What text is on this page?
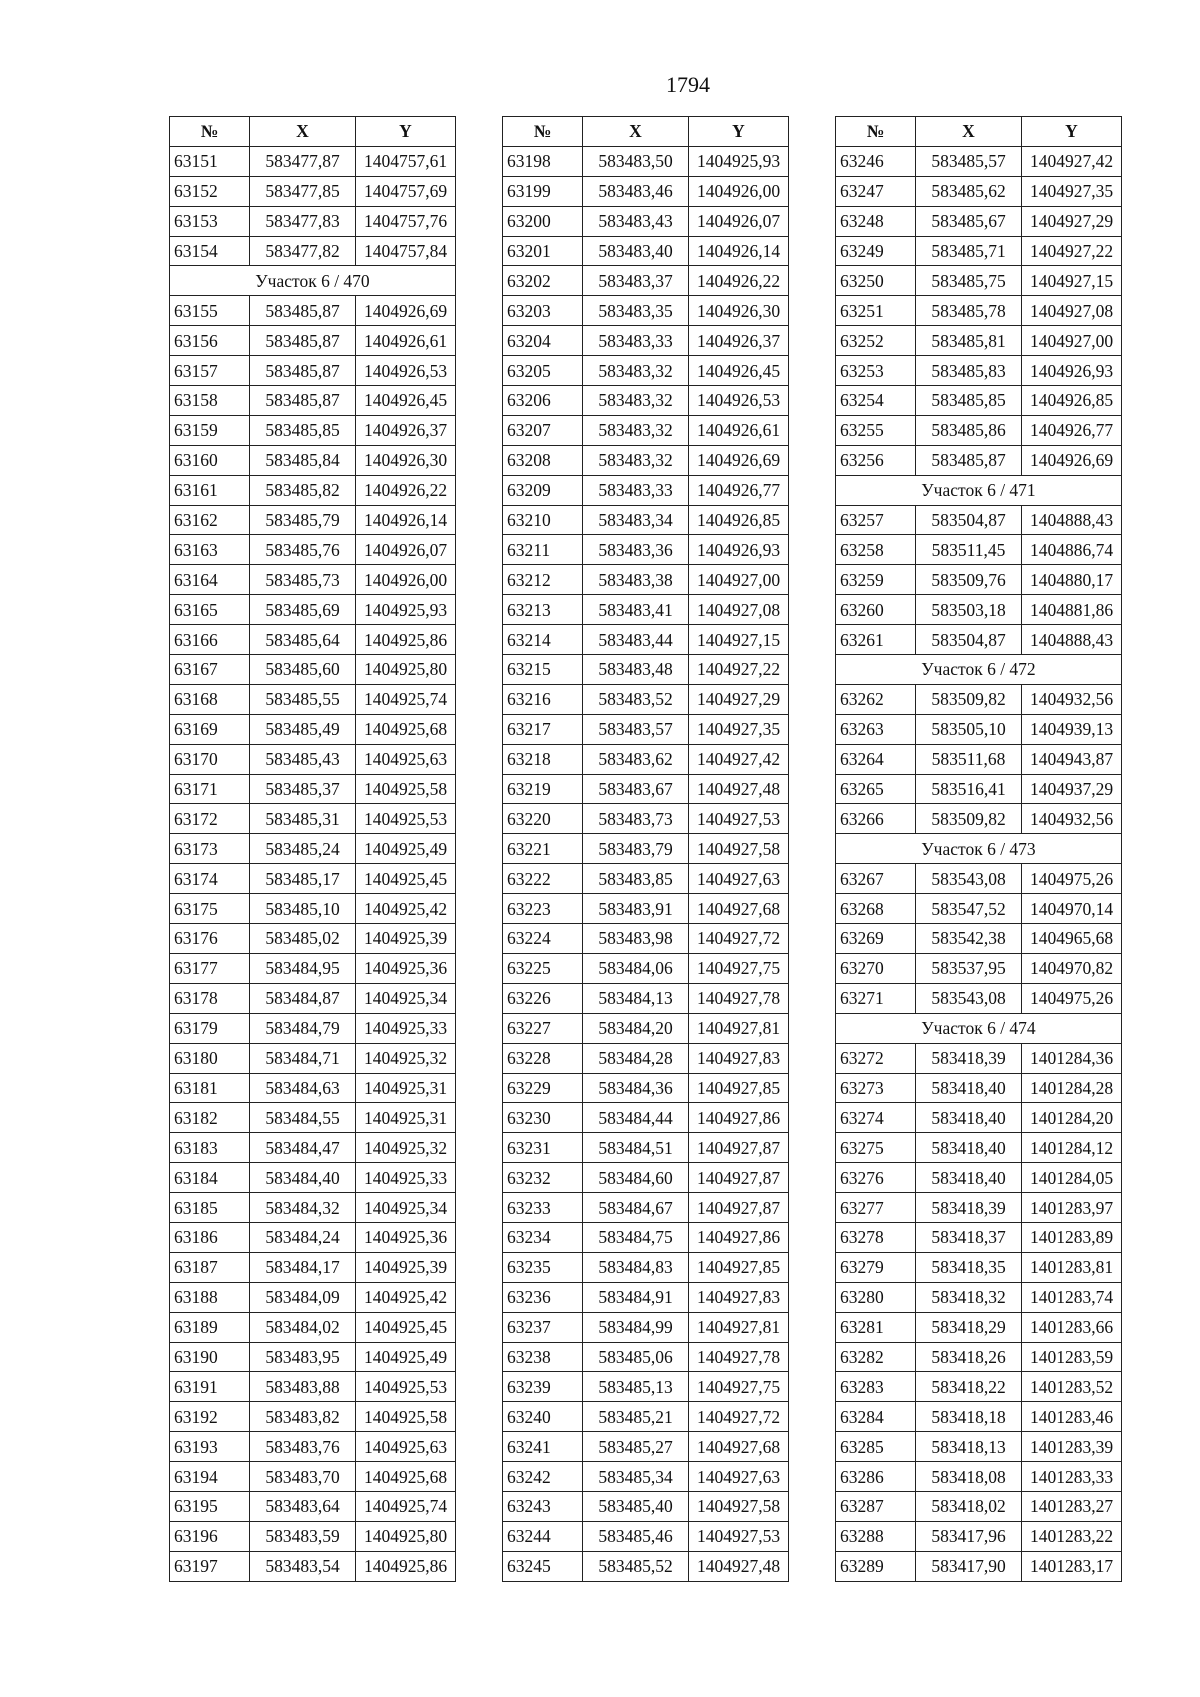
1794
№	X	Y
63151	583477,87	1404757,61
63152	583477,85	1404757,69
63153	583477,83	1404757,76
63154	583477,82	1404757,84
Участок 6 / 470		
63155	583485,87	1404926,69
63156	583485,87	1404926,61
63157	583485,87	1404926,53
63158	583485,87	1404926,45
63159	583485,85	1404926,37
63160	583485,84	1404926,30
63161	583485,82	1404926,22
63162	583485,79	1404926,14
63163	583485,76	1404926,07
63164	583485,73	1404926,00
63165	583485,69	1404925,93
63166	583485,64	1404925,86
63167	583485,60	1404925,80
63168	583485,55	1404925,74
63169	583485,49	1404925,68
63170	583485,43	1404925,63
63171	583485,37	1404925,58
63172	583485,31	1404925,53
63173	583485,24	1404925,49
63174	583485,17	1404925,45
63175	583485,10	1404925,42
63176	583485,02	1404925,39
63177	583484,95	1404925,36
63178	583484,87	1404925,34
63179	583484,79	1404925,33
63180	583484,71	1404925,32
63181	583484,63	1404925,31
63182	583484,55	1404925,31
63183	583484,47	1404925,32
63184	583484,40	1404925,33
63185	583484,32	1404925,34
63186	583484,24	1404925,36
63187	583484,17	1404925,39
63188	583484,09	1404925,42
63189	583484,02	1404925,45
63190	583483,95	1404925,49
63191	583483,88	1404925,53
63192	583483,82	1404925,58
63193	583483,76	1404925,63
63194	583483,70	1404925,68
63195	583483,64	1404925,74
63196	583483,59	1404925,80
63197	583483,54	1404925,86
№	X	Y
63198	583483,50	1404925,93
63199	583483,46	1404926,00
63200	583483,43	1404926,07
63201	583483,40	1404926,14
63202	583483,37	1404926,22
63203	583483,35	1404926,30
63204	583483,33	1404926,37
63205	583483,32	1404926,45
63206	583483,32	1404926,53
63207	583483,32	1404926,61
63208	583483,32	1404926,69
63209	583483,33	1404926,77
63210	583483,34	1404926,85
63211	583483,36	1404926,93
63212	583483,38	1404927,00
63213	583483,41	1404927,08
63214	583483,44	1404927,15
63215	583483,48	1404927,22
63216	583483,52	1404927,29
63217	583483,57	1404927,35
63218	583483,62	1404927,42
63219	583483,67	1404927,48
63220	583483,73	1404927,53
63221	583483,79	1404927,58
63222	583483,85	1404927,63
63223	583483,91	1404927,68
63224	583483,98	1404927,72
63225	583484,06	1404927,75
63226	583484,13	1404927,78
63227	583484,20	1404927,81
63228	583484,28	1404927,83
63229	583484,36	1404927,85
63230	583484,44	1404927,86
63231	583484,51	1404927,87
63232	583484,60	1404927,87
63233	583484,67	1404927,87
63234	583484,75	1404927,86
63235	583484,83	1404927,85
63236	583484,91	1404927,83
63237	583484,99	1404927,81
63238	583485,06	1404927,78
63239	583485,13	1404927,75
63240	583485,21	1404927,72
63241	583485,27	1404927,68
63242	583485,34	1404927,63
63243	583485,40	1404927,58
63244	583485,46	1404927,53
63245	583485,52	1404927,48
№	X	Y
63246	583485,57	1404927,42
63247	583485,62	1404927,35
63248	583485,67	1404927,29
63249	583485,71	1404927,22
63250	583485,75	1404927,15
63251	583485,78	1404927,08
63252	583485,81	1404927,00
63253	583485,83	1404926,93
63254	583485,85	1404926,85
63255	583485,86	1404926,77
63256	583485,87	1404926,69
Участок 6 / 471		
63257	583504,87	1404888,43
63258	583511,45	1404886,74
63259	583509,76	1404880,17
63260	583503,18	1404881,86
63261	583504,87	1404888,43
Участок 6 / 472		
63262	583509,82	1404932,56
63263	583505,10	1404939,13
63264	583511,68	1404943,87
63265	583516,41	1404937,29
63266	583509,82	1404932,56
Участок 6 / 473		
63267	583543,08	1404975,26
63268	583547,52	1404970,14
63269	583542,38	1404965,68
63270	583537,95	1404970,82
63271	583543,08	1404975,26
Участок 6 / 474		
63272	583418,39	1401284,36
63273	583418,40	1401284,28
63274	583418,40	1401284,20
63275	583418,40	1401284,12
63276	583418,40	1401284,05
63277	583418,39	1401283,97
63278	583418,37	1401283,89
63279	583418,35	1401283,81
63280	583418,32	1401283,74
63281	583418,29	1401283,66
63282	583418,26	1401283,59
63283	583418,22	1401283,52
63284	583418,18	1401283,46
63285	583418,13	1401283,39
63286	583418,08	1401283,33
63287	583418,02	1401283,27
63288	583417,96	1401283,22
63289	583417,90	1401283,17
